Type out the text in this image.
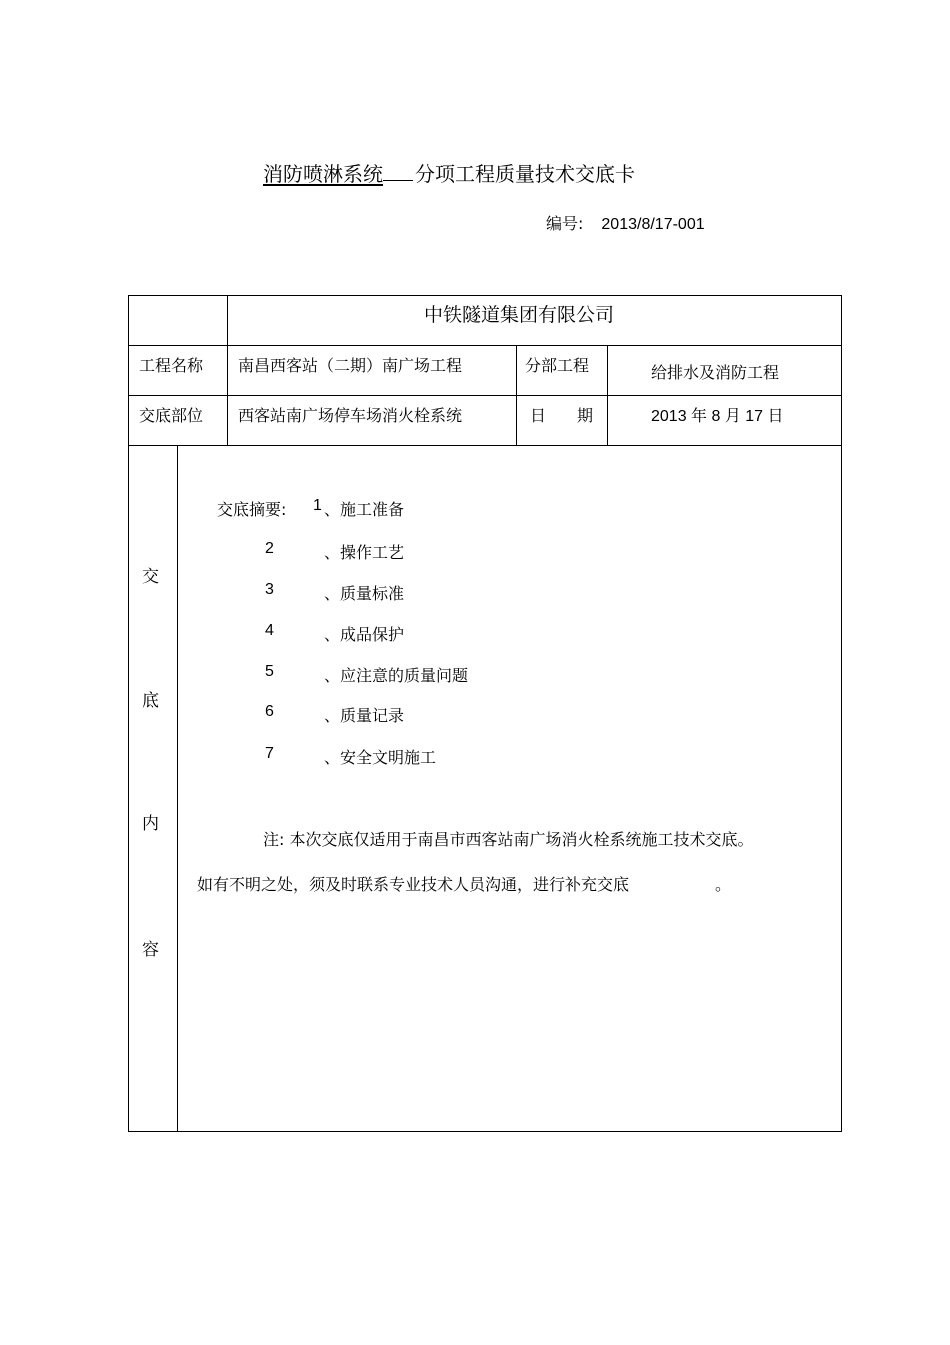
消防喷淋系统 分项工程质量技术交底卡
编号: 2013/8/17-001
中铁隧道集团有限公司
工程名称 南昌西客站（二期）南广场工程	分部工程	给排水及消防工程
交底部位 西客站南广场停车场消火栓系统	日 期	2013 年 8 月 17 日
交
底
内
容
交底摘要: 1 、施工准备
2	、操作工艺
3	、质量标准
4	、成品保护
5	、应注意的质量问题
6	、质量记录
7	、安全文明施工
注: 本次交底仅适用于南昌市西客站南广场消火栓系统施工技术交底。
如有不明之处，须及时联系专业技术人员沟通，进行补充交底	。
